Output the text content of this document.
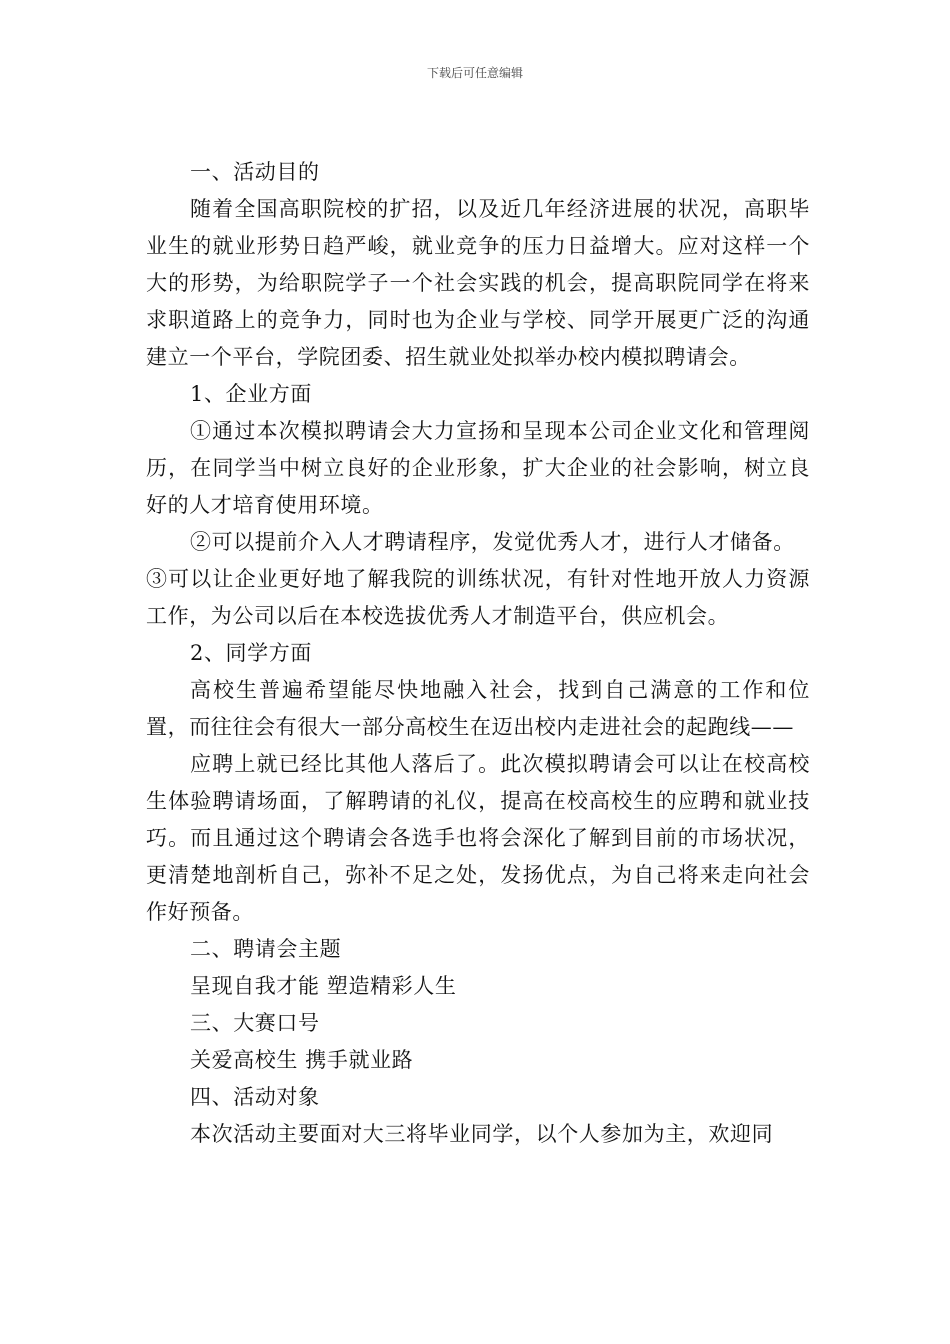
下载后可任意编辑

一、活动目的

随着全国高职院校的扩招，以及近几年经济进展的状况，高职毕业生的就业形势日趋严峻，就业竞争的压力日益增大。应对这样一个大的形势，为给职院学子一个社会实践的机会，提高职院同学在将来求职道路上的竞争力，同时也为企业与学校、同学开展更广泛的沟通建立一个平台，学院团委、招生就业处拟举办校内模拟聘请会。

1、企业方面

①通过本次模拟聘请会大力宣扬和呈现本公司企业文化和管理阅历，在同学当中树立良好的企业形象，扩大企业的社会影响，树立良好的人才培育使用环境。

②可以提前介入人才聘请程序，发觉优秀人才，进行人才储备。

③可以让企业更好地了解我院的训练状况，有针对性地开放人力资源工作，为公司以后在本校选拔优秀人才制造平台，供应机会。

2、同学方面

高校生普遍希望能尽快地融入社会，找到自己满意的工作和位置，而往往会有很大一部分高校生在迈出校内走进社会的起跑线——

应聘上就已经比其他人落后了。此次模拟聘请会可以让在校高校生体验聘请场面，了解聘请的礼仪，提高在校高校生的应聘和就业技巧。而且通过这个聘请会各选手也将会深化了解到目前的市场状况，更清楚地剖析自己，弥补不足之处，发扬优点，为自己将来走向社会作好预备。

二、聘请会主题

呈现自我才能 塑造精彩人生

三、大赛口号

关爱高校生 携手就业路

四、活动对象

本次活动主要面对大三将毕业同学，以个人参加为主，欢迎同
